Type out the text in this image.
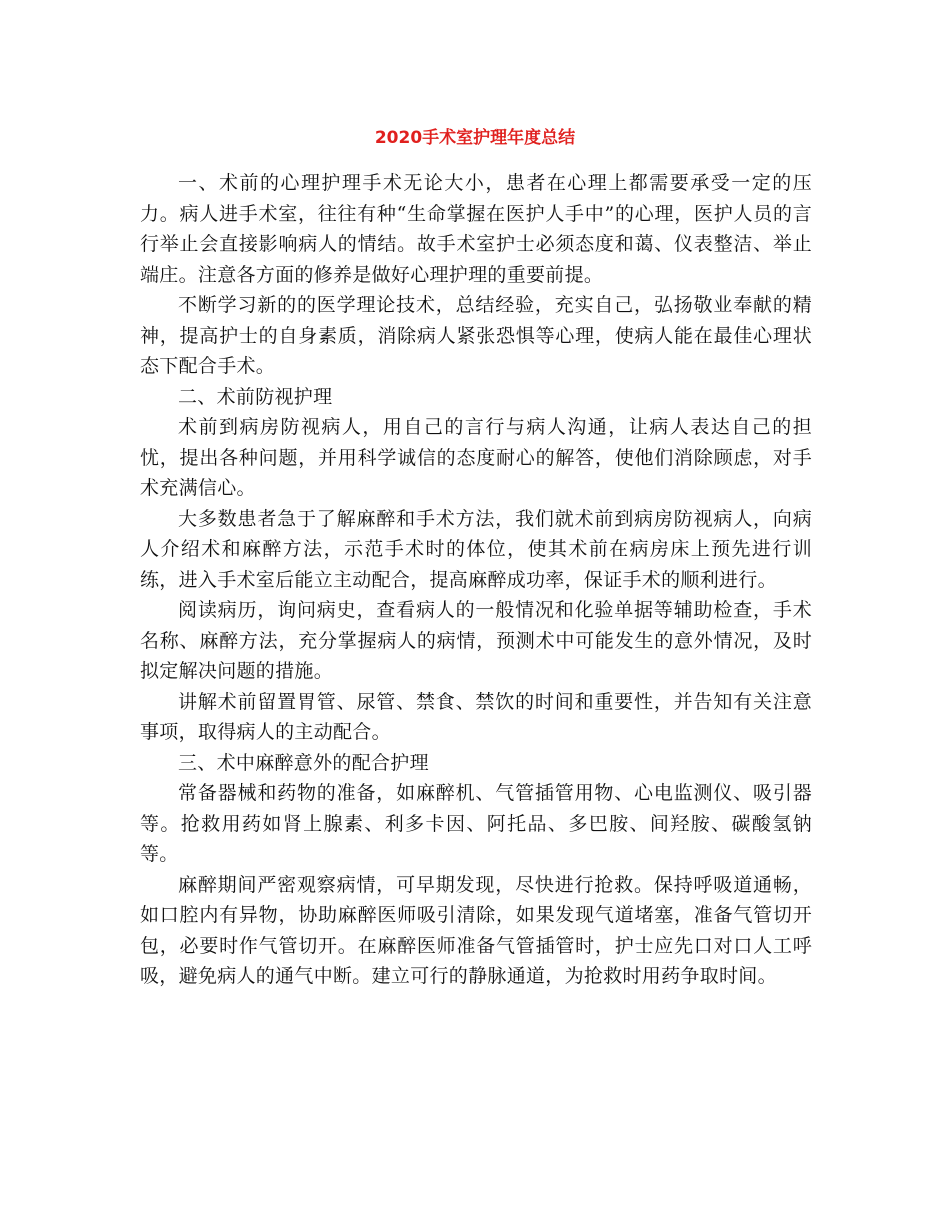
2020手术室护理年度总结

一、术前的心理护理手术无论大小，患者在心理上都需要承受一定的压力。病人进手术室，往往有种“生命掌握在医护人手中”的心理，医护人员的言行举止会直接影响病人的情结。故手术室护士必须态度和蔼、仪表整洁、举止端庄。注意各方面的修养是做好心理护理的重要前提。

不断学习新的的医学理论技术，总结经验，充实自己，弘扬敬业奉献的精神，提高护士的自身素质，消除病人紧张恐惧等心理，使病人能在最佳心理状态下配合手术。

二、术前防视护理

术前到病房防视病人，用自己的言行与病人沟通，让病人表达自己的担忧，提出各种问题，并用科学诚信的态度耐心的解答，使他们消除顾虑，对手术充满信心。

大多数患者急于了解麻醉和手术方法，我们就术前到病房防视病人，向病人介绍术和麻醉方法，示范手术时的体位，使其术前在病房床上预先进行训练，进入手术室后能立主动配合，提高麻醉成功率，保证手术的顺利进行。

阅读病历，询问病史，查看病人的一般情况和化验单据等辅助检查，手术名称、麻醉方法，充分掌握病人的病情，预测术中可能发生的意外情况，及时拟定解决问题的措施。

讲解术前留置胃管、尿管、禁食、禁饮的时间和重要性，并告知有关注意事项，取得病人的主动配合。

三、术中麻醉意外的配合护理

常备器械和药物的准备，如麻醉机、气管插管用物、心电监测仪、吸引器等。抢救用药如肾上腺素、利多卡因、阿托品、多巴胺、间羟胺、碳酸氢钠等。

麻醉期间严密观察病情，可早期发现，尽快进行抢救。保持呼吸道通畅，如口腔内有异物，协助麻醉医师吸引清除，如果发现气道堵塞，准备气管切开包，必要时作气管切开。在麻醉医师准备气管插管时，护士应先口对口人工呼吸，避免病人的通气中断。建立可行的静脉通道，为抢救时用药争取时间。
